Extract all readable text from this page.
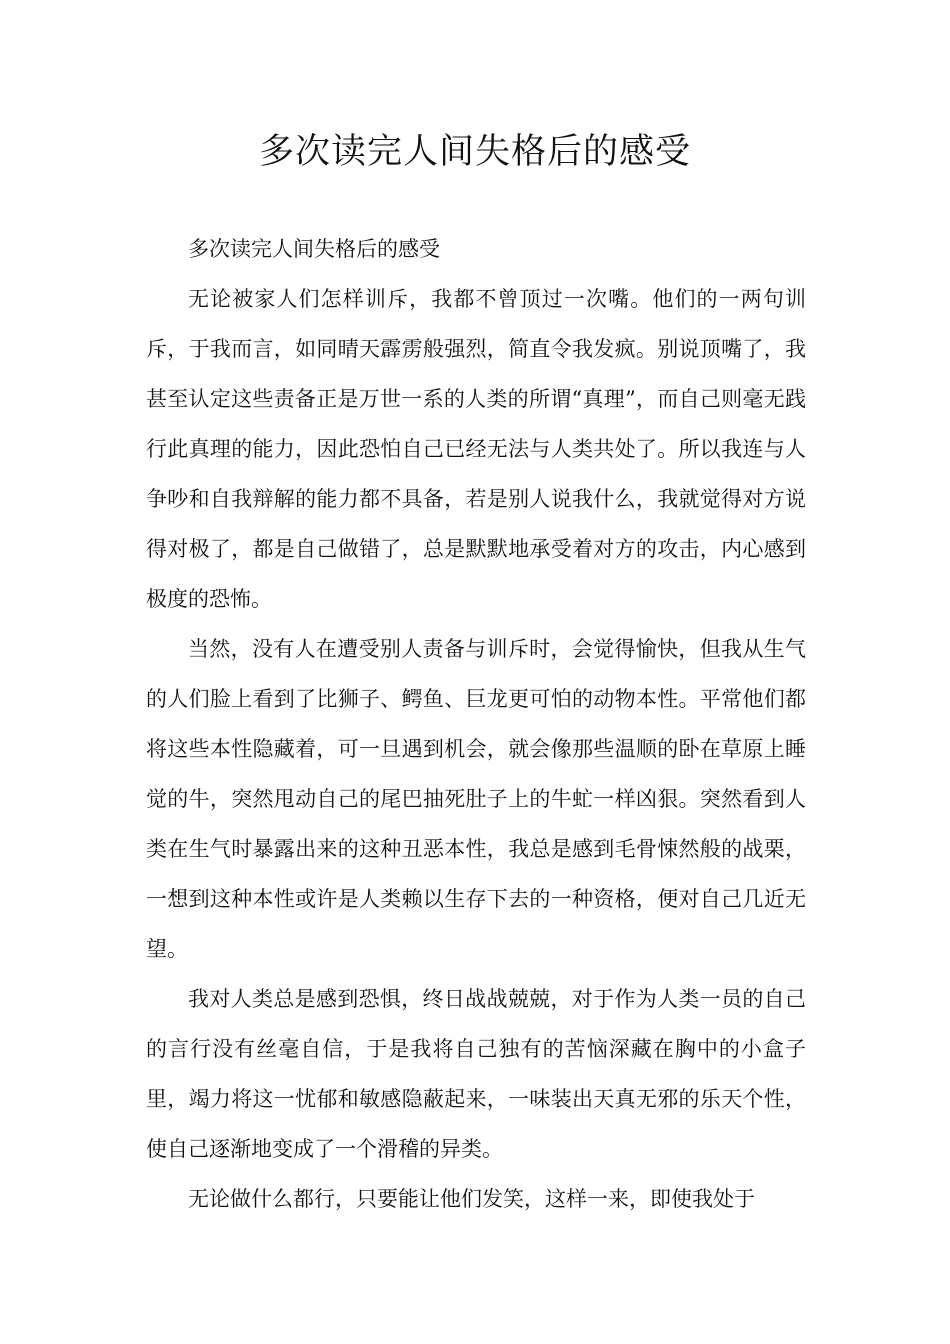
多次读完人间失格后的感受

多次读完人间失格后的感受

无论被家人们怎样训斥，我都不曾顶过一次嘴。他们的一两句训斥，于我而言，如同晴天霹雳般强烈，简直令我发疯。别说顶嘴了，我甚至认定这些责备正是万世一系的人类的所谓“真理”，而自己则毫无践行此真理的能力，因此恐怕自己已经无法与人类共处了。所以我连与人争吵和自我辩解的能力都不具备，若是别人说我什么，我就觉得对方说得对极了，都是自己做错了，总是默默地承受着对方的攻击，内心感到极度的恐怖。

当然，没有人在遭受别人责备与训斥时，会觉得愉快，但我从生气的人们脸上看到了比狮子、鳄鱼、巨龙更可怕的动物本性。平常他们都将这些本性隐藏着，可一旦遇到机会，就会像那些温顺的卧在草原上睡觉的牛，突然甩动自己的尾巴抽死肚子上的牛虻一样凶狠。突然看到人类在生气时暴露出来的这种丑恶本性，我总是感到毛骨悚然般的战栗，一想到这种本性或许是人类赖以生存下去的一种资格，便对自己几近无望。

我对人类总是感到恐惧，终日战战兢兢，对于作为人类一员的自己的言行没有丝毫自信，于是我将自己独有的苦恼深藏在胸中的小盒子里，竭力将这一忧郁和敏感隐蔽起来，一味装出天真无邪的乐天个性，使自己逐渐地变成了一个滑稽的异类。

无论做什么都行，只要能让他们发笑，这样一来，即使我处于
